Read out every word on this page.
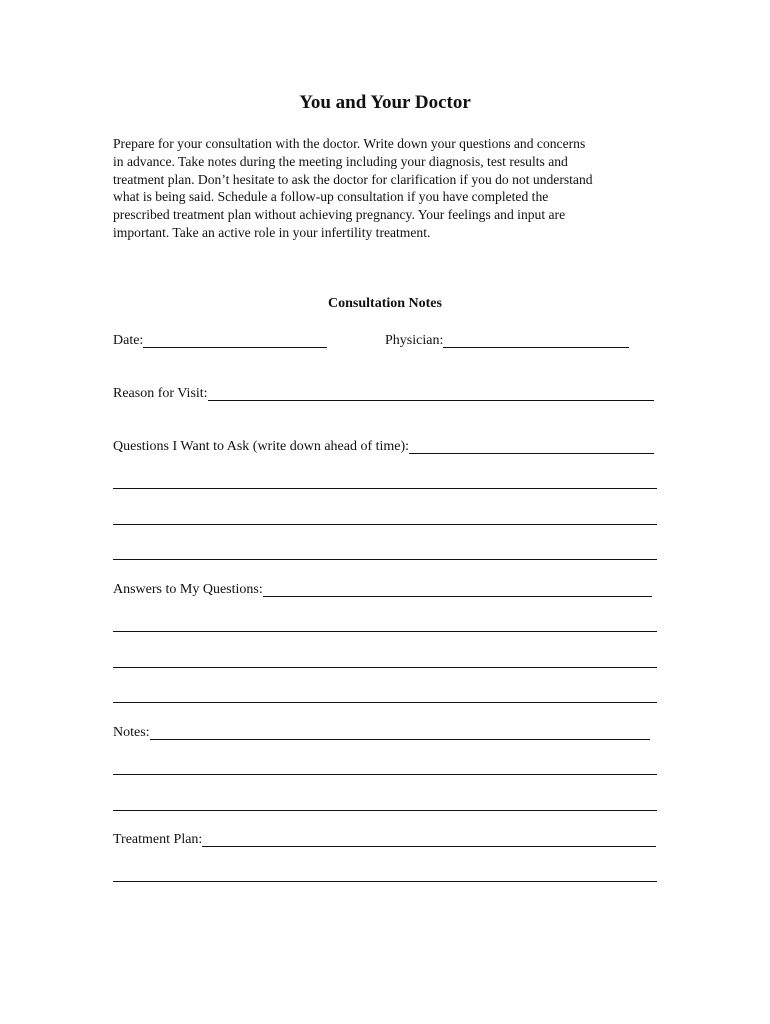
You and Your Doctor

Prepare for your consultation with the doctor. Write down your questions and concerns
in advance. Take notes during the meeting including your diagnosis, test results and
treatment plan. Don’t hesitate to ask the doctor for clarification if you do not understand
what is being said. Schedule a follow-up consultation if you have completed the
prescribed treatment plan without achieving pregnancy. Your feelings and input are
important. Take an active role in your infertility treatment.

Consultation Notes
Date:	Physician:
Reason for Visit:
Questions I Want to Ask (write down ahead of time):
Answers to My Questions:
Notes:
Treatment Plan:
